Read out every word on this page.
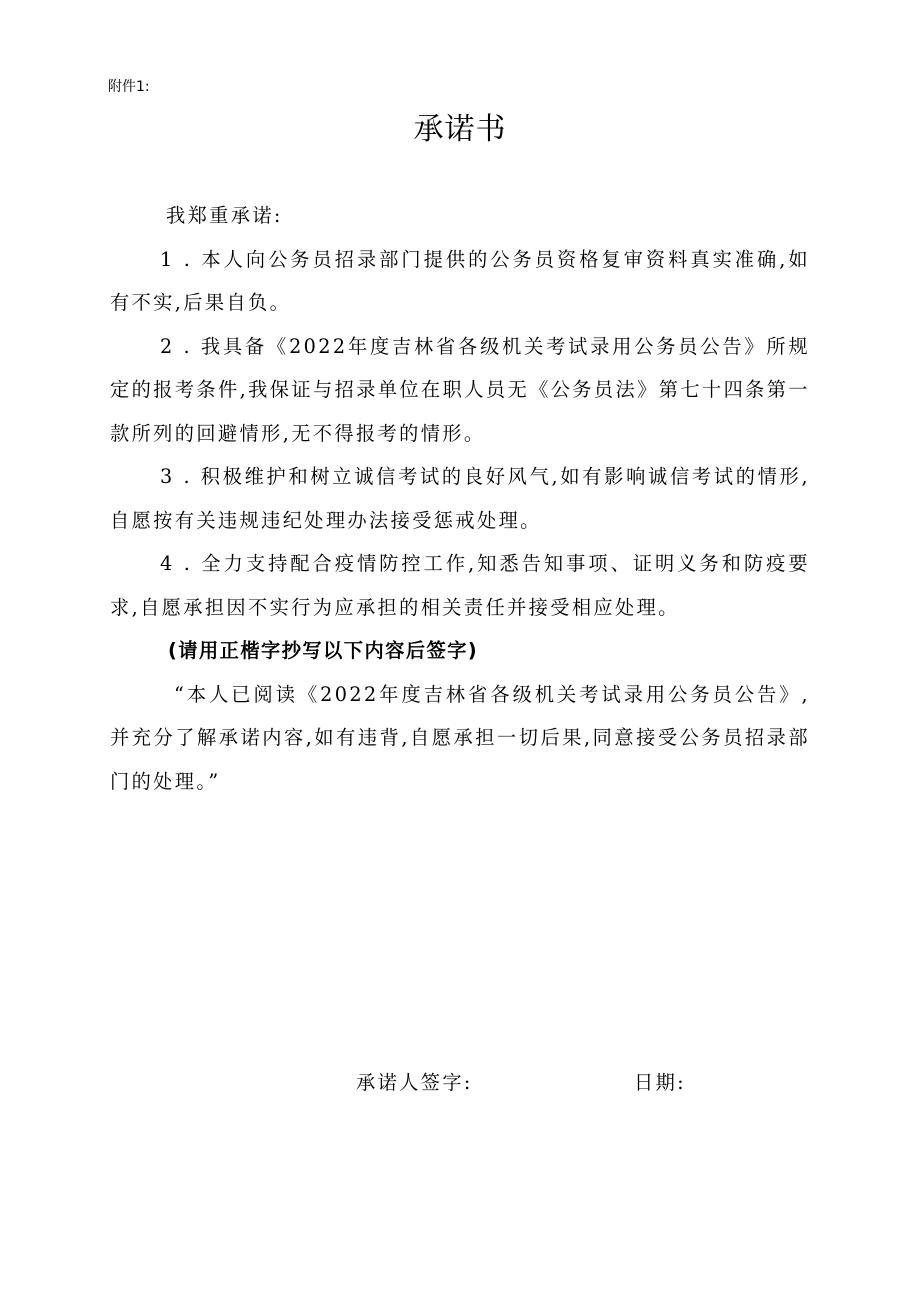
附件1:
承诺书

我郑重承诺:

1 . 本人向公务员招录部门提供的公务员资格复审资料真实准确,如有不实,后果自负。

2 . 我具备《2022年度吉林省各级机关考试录用公务员公告》所规定的报考条件,我保证与招录单位在职人员无《公务员法》第七十四条第一款所列的回避情形,无不得报考的情形。

3 . 积极维护和树立诚信考试的良好风气,如有影响诚信考试的情形,自愿按有关违规违纪处理办法接受惩戒处理。

4 . 全力支持配合疫情防控工作,知悉告知事项、证明义务和防疫要求,自愿承担因不实行为应承担的相关责任并接受相应处理。

(请用正楷字抄写以下内容后签字)

“本人已阅读《2022年度吉林省各级机关考试录用公务员公告》,并充分了解承诺内容,如有违背,自愿承担一切后果,同意接受公务员招录部门的处理。”

承诺人签字:	日期:
